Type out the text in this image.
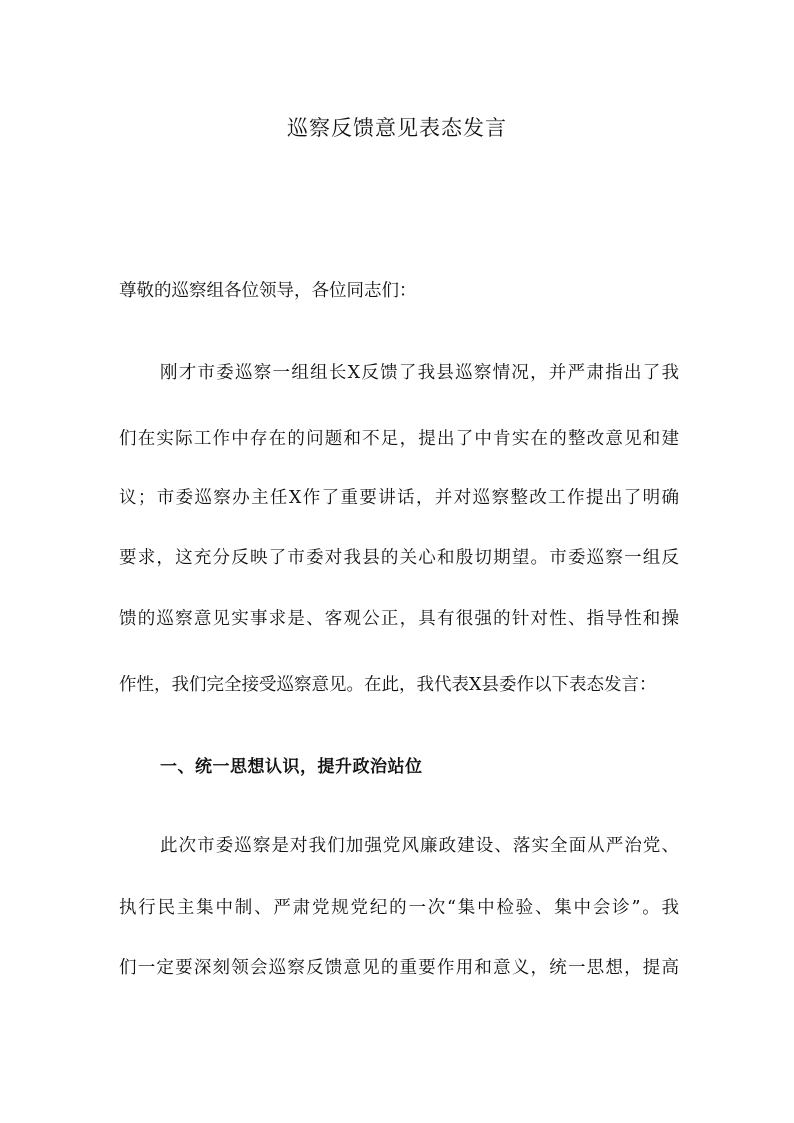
巡察反馈意见表态发言
尊敬的巡察组各位领导，各位同志们：
刚才市委巡察一组组长X反馈了我县巡察情况，并严肃指出了我
们在实际工作中存在的问题和不足，提出了中肯实在的整改意见和建
议；市委巡察办主任X作了重要讲话，并对巡察整改工作提出了明确
要求，这充分反映了市委对我县的关心和殷切期望。市委巡察一组反
馈的巡察意见实事求是、客观公正，具有很强的针对性、指导性和操
作性，我们完全接受巡察意见。在此，我代表X县委作以下表态发言：
一、统一思想认识，提升政治站位
此次市委巡察是对我们加强党风廉政建设、落实全面从严治党、
执行民主集中制、严肃党规党纪的一次“集中检验、集中会诊”。我
们一定要深刻领会巡察反馈意见的重要作用和意义，统一思想，提高
